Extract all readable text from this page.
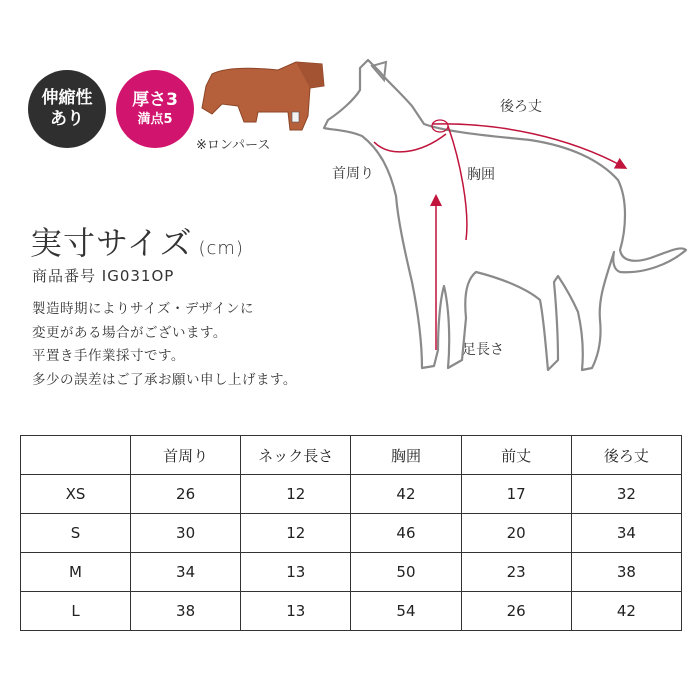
伸縮性
あり
厚さ3
満点5
※ロンパース
実寸サイズ (cm)
商品番号 IG031OP
製造時期によりサイズ・デザインに
変更がある場合がございます。
平置き手作業採寸です。
多少の誤差はご了承お願い申し上げます。
後ろ丈
首周り	胸囲
足長さ
	首周り	ネック長さ	胸囲	前丈	後ろ丈
XS	26	12	42	17	32
S	30	12	46	20	34
M	34	13	50	23	38
L	38	13	54	26	42
